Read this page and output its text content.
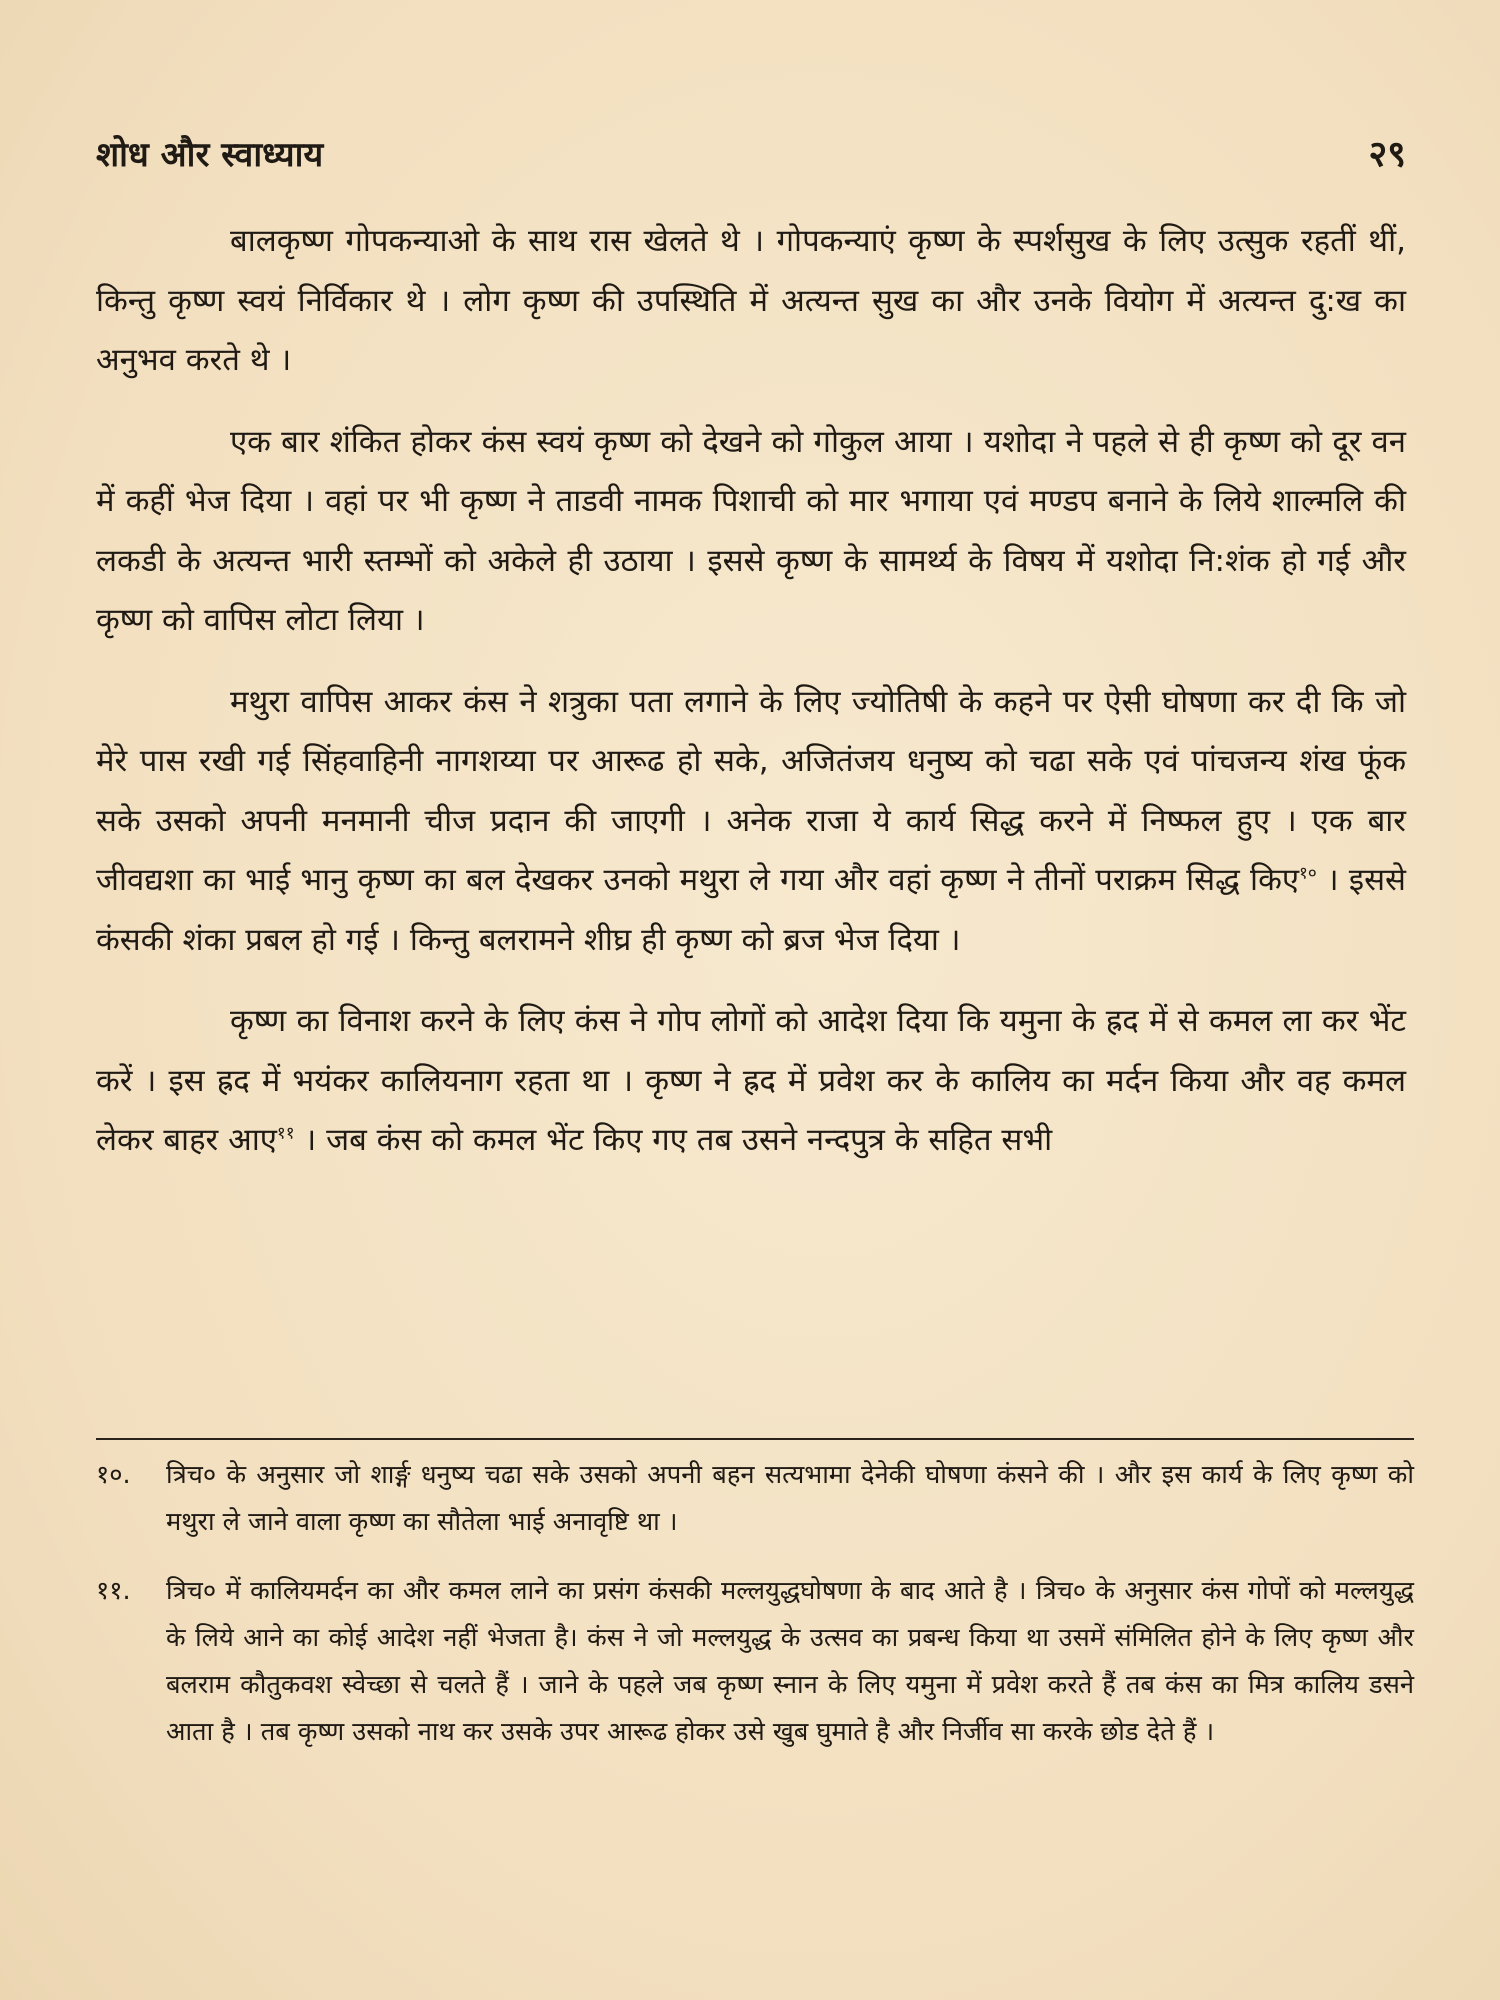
शोध और स्वाध्याय	२९

बालकृष्ण गोपकन्याओ के साथ रास खेलते थे । गोपकन्याएं कृष्ण के स्पर्शसुख के लिए उत्सुक रहतीं थीं, किन्तु कृष्ण स्वयं निर्विकार थे । लोग कृष्ण की उपस्थिति में अत्यन्त सुख का और उनके वियोग में अत्यन्त दु:ख का अनुभव करते थे ।

एक बार शंकित होकर कंस स्वयं कृष्ण को देखने को गोकुल आया । यशोदा ने पहले से ही कृष्ण को दूर वन में कहीं भेज दिया । वहां पर भी कृष्ण ने ताडवी नामक पिशाची को मार भगाया एवं मण्डप बनाने के लिये शाल्मलि की लकडी के अत्यन्त भारी स्तम्भों को अकेले ही उठाया । इससे कृष्ण के सामर्थ्य के विषय में यशोदा नि:शंक हो गई और कृष्ण को वापिस लोटा लिया ।

मथुरा वापिस आकर कंस ने शत्रुका पता लगाने के लिए ज्योतिषी के कहने पर ऐसी घोषणा कर दी कि जो मेरे पास रखी गई सिंहवाहिनी नागशय्या पर आरूढ हो सके, अजितंजय धनुष्य को चढा सके एवं पांचजन्य शंख फूंक सके उसको अपनी मनमानी चीज प्रदान की जाएगी । अनेक राजा ये कार्य सिद्ध करने में निष्फल हुए । एक बार जीवद्यशा का भाई भानु कृष्ण का बल देखकर उनको मथुरा ले गया और वहां कृष्ण ने तीनों पराक्रम सिद्ध किए$^{१०}$ । इससे कंसकी शंका प्रबल हो गई । किन्तु बलरामने शीघ्र ही कृष्ण को ब्रज भेज दिया ।

कृष्ण का विनाश करने के लिए कंस ने गोप लोगों को आदेश दिया कि यमुना के ह्रद में से कमल ला कर भेंट करें । इस ह्रद में भयंकर कालियनाग रहता था । कृष्ण ने ह्रद में प्रवेश कर के कालिय का मर्दन किया और वह कमल लेकर बाहर आए$^{११}$ । जब कंस को कमल भेंट किए गए तब उसने नन्दपुत्र के सहित सभी

१०.	त्रिच० के अनुसार जो शार्ङ्ग धनुष्य चढा सके उसको अपनी बहन सत्यभामा देनेकी घोषणा कंसने की । और इस कार्य के लिए कृष्ण को मथुरा ले जाने वाला कृष्ण का सौतेला भाई अनावृष्टि था ।
११.	त्रिच० में कालियमर्दन का और कमल लाने का प्रसंग कंसकी मल्लयुद्धघोषणा के बाद आते है । त्रिच० के अनुसार कंस गोपों को मल्लयुद्ध के लिये आने का कोई आदेश नहीं भेजता है। कंस ने जो मल्लयुद्ध के उत्सव का प्रबन्ध किया था उसमें संमिलित होने के लिए कृष्ण और बलराम कौतुकवश स्वेच्छा से चलते हैं । जाने के पहले जब कृष्ण स्नान के लिए यमुना में प्रवेश करते हैं तब कंस का मित्र कालिय डसने आता है । तब कृष्ण उसको नाथ कर उसके उपर आरूढ होकर उसे खुब घुमाते है और निर्जीव सा करके छोड देते हैं ।
